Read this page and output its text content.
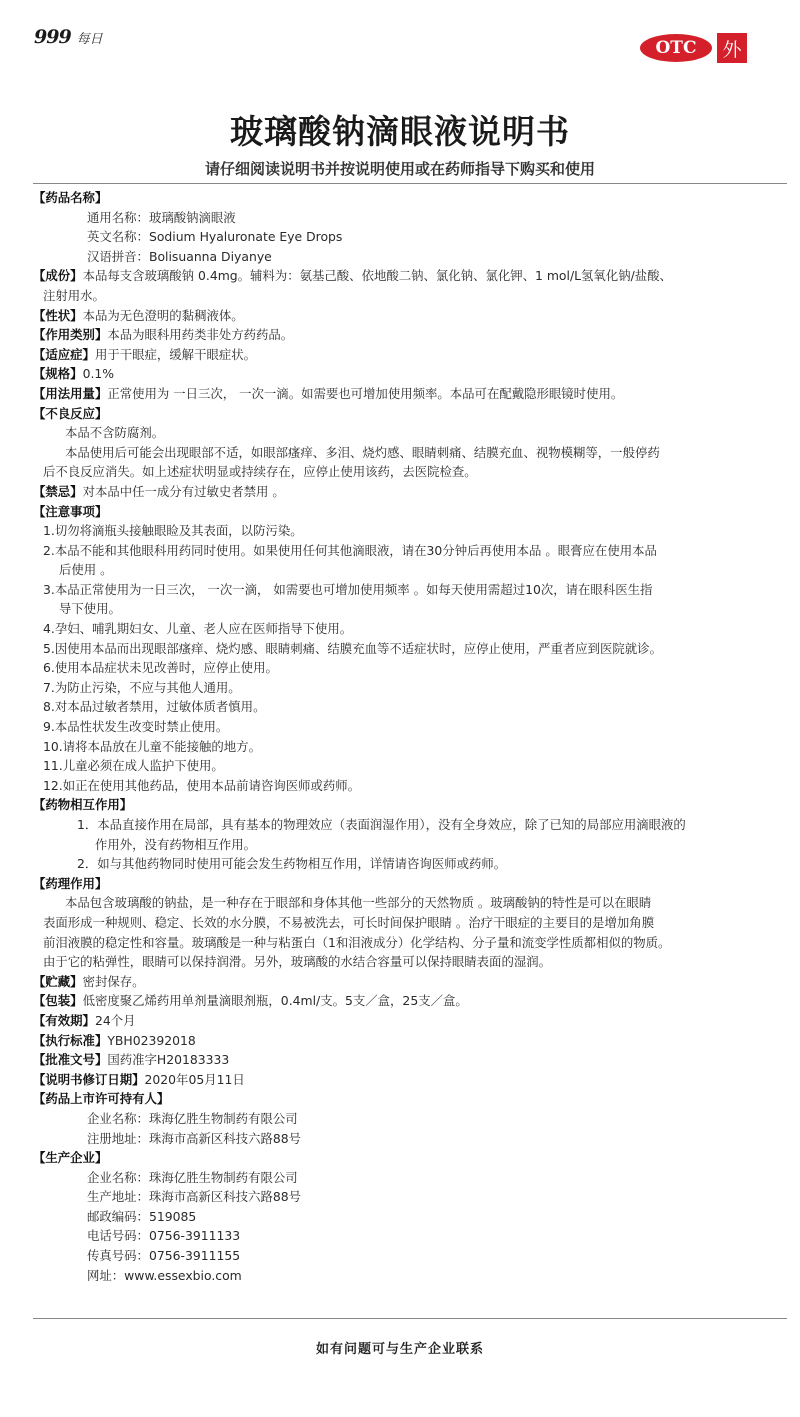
999 每日	OTC	外
玻璃酸钠滴眼液说明书
请仔细阅读说明书并按说明使用或在药师指导下购买和使用
【药品名称】
通用名称：玻璃酸钠滴眼液
英文名称：Sodium Hyaluronate Eye Drops
汉语拼音：Bolisuanna Diyanye
【成份】本品每支含玻璃酸钠 0.4mg。辅料为：氨基己酸、依地酸二钠、氯化钠、氯化钾、1 mol/L氢氧化钠/盐酸、
注射用水。
【性状】本品为无色澄明的黏稠液体。
【作用类别】本品为眼科用药类非处方药药品。
【适应症】用于干眼症，缓解干眼症状。
【规格】0.1%
【用法用量】正常使用为 一日三次， 一次一滴。如需要也可增加使用频率。本品可在配戴隐形眼镜时使用。
【不良反应】
本品不含防腐剂。
本品使用后可能会出现眼部不适，如眼部瘙痒、多泪、烧灼感、眼睛刺痛、结膜充血、视物模糊等，一般停药
后不良反应消失。如上述症状明显或持续存在，应停止使用该药，去医院检查。
【禁忌】对本品中任一成分有过敏史者禁用 。
【注意事项】
1.切勿将滴瓶头接触眼睑及其表面，以防污染。
2.本品不能和其他眼科用药同时使用。如果使用任何其他滴眼液，请在30分钟后再使用本品 。眼膏应在使用本品
后使用 。
3.本品正常使用为一日三次， 一次一滴， 如需要也可增加使用频率 。如每天使用需超过10次，请在眼科医生指
导下使用。
4.孕妇、哺乳期妇女、儿童、老人应在医师指导下使用。
5.因使用本品而出现眼部瘙痒、烧灼感、眼睛刺痛、结膜充血等不适症状时，应停止使用，严重者应到医院就诊。
6.使用本品症状未见改善时，应停止使用。
7.为防止污染，不应与其他人通用。
8.对本品过敏者禁用，过敏体质者慎用。
9.本品性状发生改变时禁止使用。
10.请将本品放在儿童不能接触的地方。
11.儿童必须在成人监护下使用。
12.如正在使用其他药品，使用本品前请咨询医师或药师。
【药物相互作用】
1．本品直接作用在局部，具有基本的物理效应（表面润湿作用），没有全身效应，除了已知的局部应用滴眼液的
作用外，没有药物相互作用。
2．如与其他药物同时使用可能会发生药物相互作用，详情请咨询医师或药师。
【药理作用】
本品包含玻璃酸的钠盐，是一种存在于眼部和身体其他一些部分的天然物质 。玻璃酸钠的特性是可以在眼睛
表面形成一种规则、稳定、长效的水分膜，不易被洗去，可长时间保护眼睛 。治疗干眼症的主要目的是增加角膜
前泪液膜的稳定性和容量。玻璃酸是一种与粘蛋白（1和泪液成分）化学结构、分子量和流变学性质都相似的物质。
由于它的粘弹性，眼睛可以保持润滑。另外，玻璃酸的水结合容量可以保持眼睛表面的湿润。
【贮藏】密封保存。
【包装】低密度聚乙烯药用单剂量滴眼剂瓶，0.4ml/支。5支／盒，25支／盒。
【有效期】24个月
【执行标准】YBH02392018
【批准文号】国药准字H20183333
【说明书修订日期】2020年05月11日
【药品上市许可持有人】
企业名称：珠海亿胜生物制药有限公司
注册地址：珠海市高新区科技六路88号
【生产企业】
企业名称：珠海亿胜生物制药有限公司
生产地址：珠海市高新区科技六路88号
邮政编码：519085
电话号码：0756-3911133
传真号码：0756-3911155
网址：www.essexbio.com
如有问题可与生产企业联系
